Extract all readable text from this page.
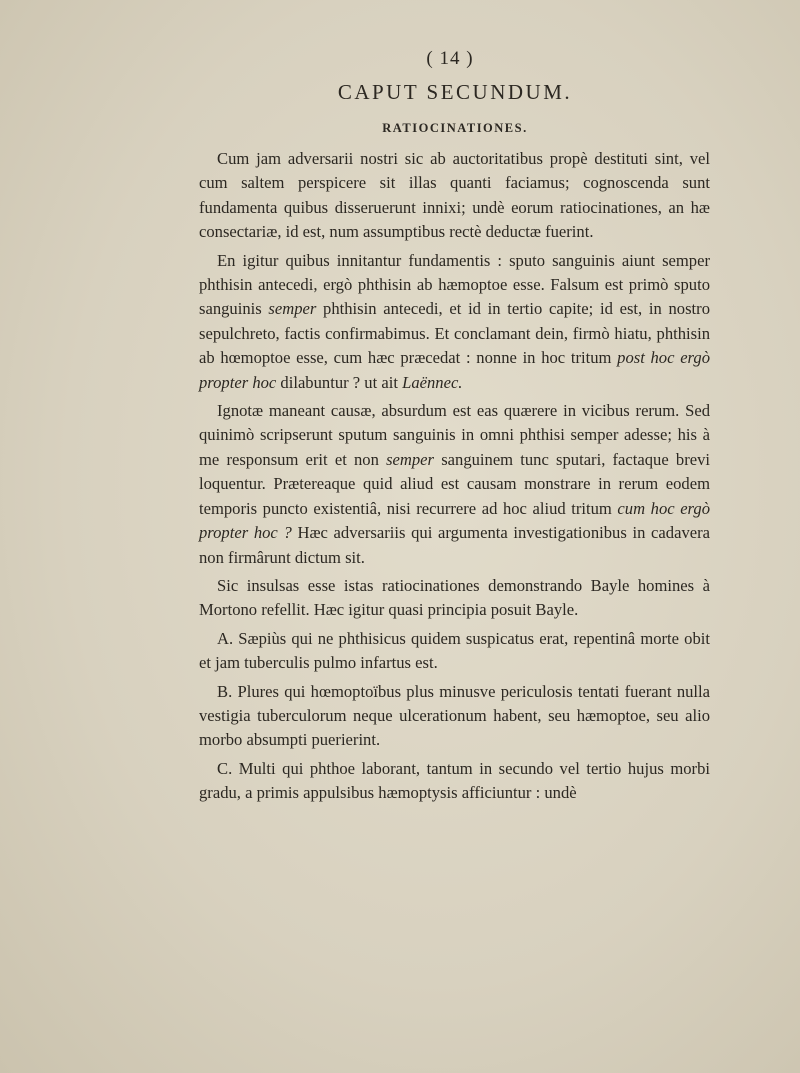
( 14 )
CAPUT SECUNDUM.
RATIOCINATIONES.

Cum jam adversarii nostri sic ab auctoritatibus propè destituti sint, vel cum saltem perspicere sit illas quanti faciamus; cognoscenda sunt fundamenta quibus disseruerunt innixi; undè eorum ratiocinationes, an hæ consectariæ, id est, num assumptibus rectè deductæ fuerint.

En igitur quibus innitantur fundamentis : sputo sanguinis aiunt semper phthisin antecedi, ergò phthisin ab hæmoptoe esse. Falsum est primò sputo sanguinis semper phthisin antecedi, et id in tertio capite; id est, in nostro sepulchreto, factis confirmabimus. Et conclamant dein, firmò hiatu, phthisin ab hœmoptoe esse, cum hæc præcedat : nonne in hoc tritum post hoc ergò propter hoc dilabuntur ? ut ait Laënnec.

Ignotæ maneant causæ, absurdum est eas quærere in vicibus rerum. Sed quinimò scripserunt sputum sanguinis in omni phthisi semper adesse; his à me responsum erit et non semper sanguinem tunc sputari, factaque brevi loquentur. Prætereaque quid aliud est causam monstrare in rerum eodem temporis puncto existentiâ, nisi recurrere ad hoc aliud tritum cum hoc ergò propter hoc ? Hæc adversariis qui argumenta investigationibus in cadavera non firmârunt dictum sit.

Sic insulsas esse istas ratiocinationes demonstrando Bayle homines à Mortono refellit. Hæc igitur quasi principia posuit Bayle.

A. Sæpiùs qui ne phthisicus quidem suspicatus erat, repentinâ morte obit et jam tuberculis pulmo infartus est.

B. Plures qui hœmoptoïbus plus minusve periculosis tentati fuerant nulla vestigia tuberculorum neque ulcerationum habent, seu hæmoptoe, seu alio morbo absumpti puerierint.

C. Multi qui phthoe laborant, tantum in secundo vel tertio hujus morbi gradu, a primis appulsibus hæmoptysis afficiuntur : undè
